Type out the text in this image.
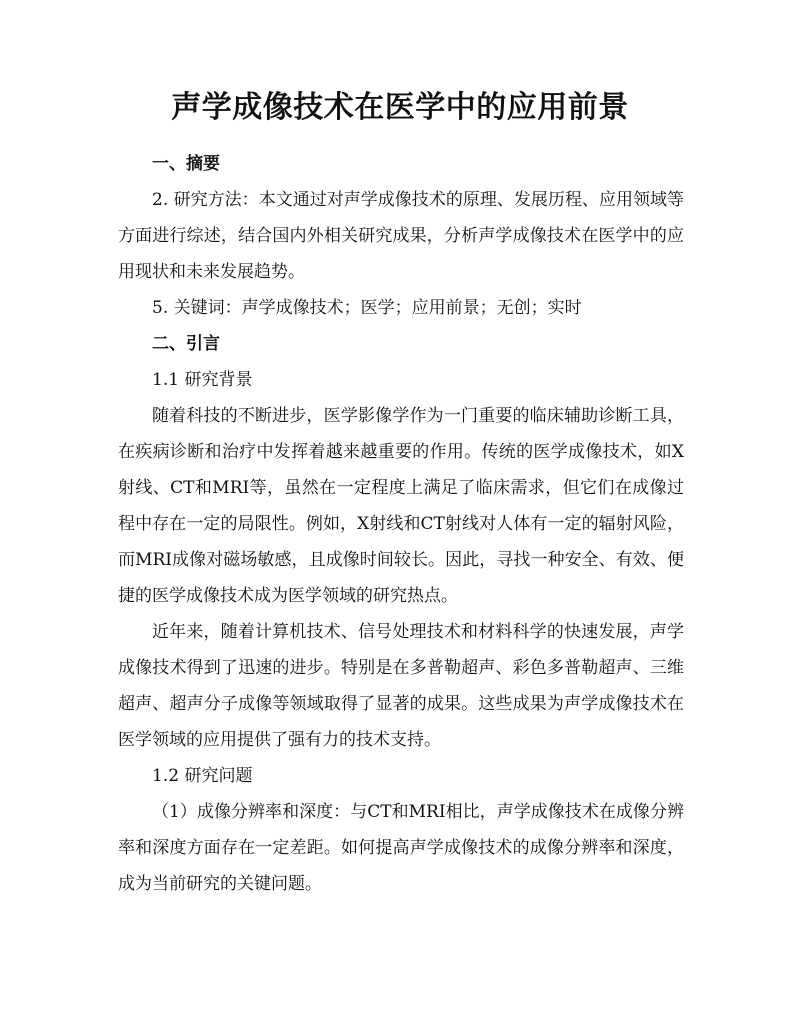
声学成像技术在医学中的应用前景

一、摘要

2. 研究方法：本文通过对声学成像技术的原理、发展历程、应用领域等方面进行综述，结合国内外相关研究成果，分析声学成像技术在医学中的应用现状和未来发展趋势。

5. 关键词：声学成像技术；医学；应用前景；无创；实时

二、引言

1.1 研究背景

随着科技的不断进步，医学影像学作为一门重要的临床辅助诊断工具，在疾病诊断和治疗中发挥着越来越重要的作用。传统的医学成像技术，如X射线、CT和MRI等，虽然在一定程度上满足了临床需求，但它们在成像过程中存在一定的局限性。例如，X射线和CT射线对人体有一定的辐射风险，而MRI成像对磁场敏感，且成像时间较长。因此，寻找一种安全、有效、便捷的医学成像技术成为医学领域的研究热点。

近年来，随着计算机技术、信号处理技术和材料科学的快速发展，声学成像技术得到了迅速的进步。特别是在多普勒超声、彩色多普勒超声、三维超声、超声分子成像等领域取得了显著的成果。这些成果为声学成像技术在医学领域的应用提供了强有力的技术支持。

1.2 研究问题

（1）成像分辨率和深度：与CT和MRI相比，声学成像技术在成像分辨率和深度方面存在一定差距。如何提高声学成像技术的成像分辨率和深度，成为当前研究的关键问题。
